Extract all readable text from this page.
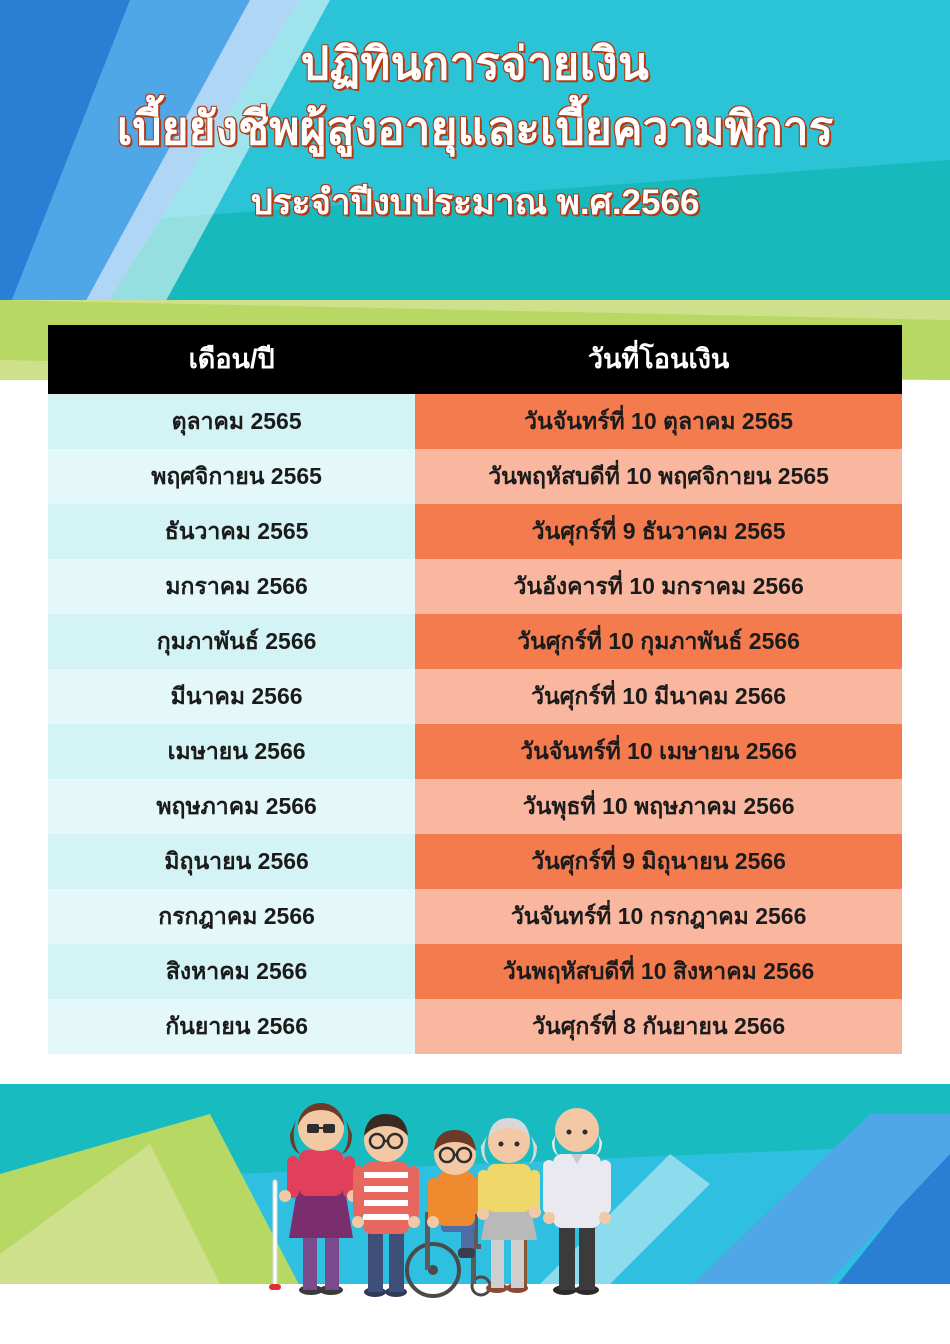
ปฏิทินการจ่ายเงิน
เบี้ยยังชีพผู้สูงอายุและเบี้ยความพิการ
ประจำปีงบประมาณ พ.ศ.2566
เดือน/ปี	วันที่โอนเงิน
ตุลาคม 2565	วันจันทร์ที่ 10 ตุลาคม 2565
พฤศจิกายน 2565	วันพฤหัสบดีที่ 10 พฤศจิกายน 2565
ธันวาคม 2565	วันศุกร์ที่ 9 ธันวาคม 2565
มกราคม 2566	วันอังคารที่ 10 มกราคม 2566
กุมภาพันธ์ 2566	วันศุกร์ที่ 10 กุมภาพันธ์ 2566
มีนาคม 2566	วันศุกร์ที่ 10 มีนาคม 2566
เมษายน 2566	วันจันทร์ที่ 10 เมษายน 2566
พฤษภาคม 2566	วันพุธที่ 10 พฤษภาคม 2566
มิถุนายน 2566	วันศุกร์ที่ 9 มิถุนายน 2566
กรกฎาคม 2566	วันจันทร์ที่ 10 กรกฎาคม 2566
สิงหาคม 2566	วันพฤหัสบดีที่ 10 สิงหาคม 2566
กันยายน 2566	วันศุกร์ที่ 8 กันยายน 2566
